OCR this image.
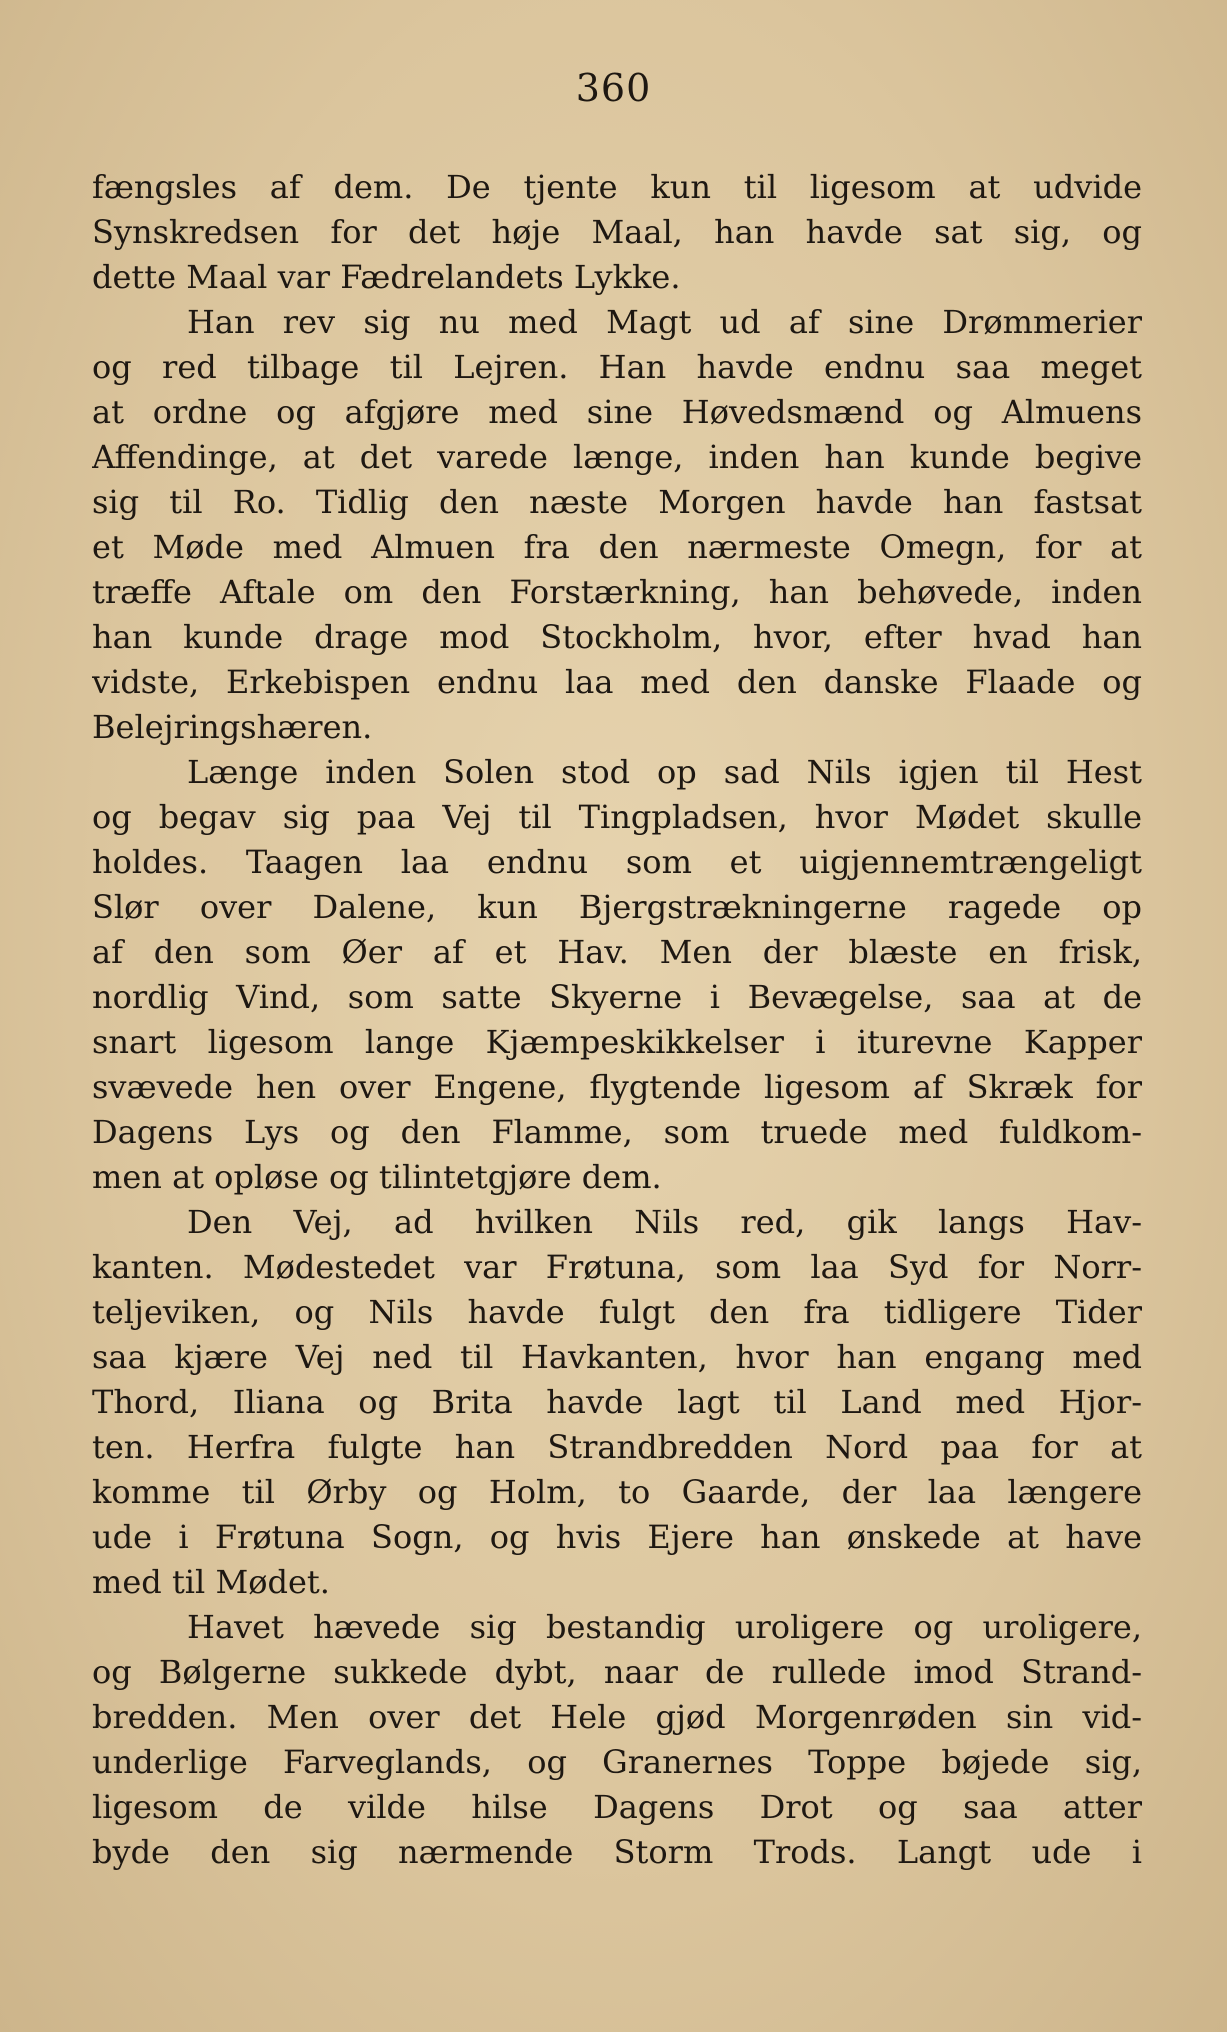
360
fængsles af dem. De tjente kun til ligesom at udvide
Synskredsen for det høje Maal, han havde sat sig, og
dette Maal var Fædrelandets Lykke.
Han rev sig nu med Magt ud af sine Drømmerier
og red tilbage til Lejren. Han havde endnu saa meget
at ordne og afgjøre med sine Høvedsmænd og Almuens
Affendinge, at det varede længe, inden han kunde begive
sig til Ro. Tidlig den næste Morgen havde han fastsat
et Møde med Almuen fra den nærmeste Omegn, for at
træffe Aftale om den Forstærkning, han behøvede, inden
han kunde drage mod Stockholm, hvor, efter hvad han
vidste, Erkebispen endnu laa med den danske Flaade og
Belejringshæren.
Længe inden Solen stod op sad Nils igjen til Hest
og begav sig paa Vej til Tingpladsen, hvor Mødet skulle
holdes. Taagen laa endnu som et uigjennemtrængeligt
Slør over Dalene, kun Bjergstrækningerne ragede op
af den som Øer af et Hav. Men der blæste en frisk,
nordlig Vind, som satte Skyerne i Bevægelse, saa at de
snart ligesom lange Kjæmpeskikkelser i iturevne Kapper
svævede hen over Engene, flygtende ligesom af Skræk for
Dagens Lys og den Flamme, som truede med fuldkom-
men at opløse og tilintetgjøre dem.
Den Vej, ad hvilken Nils red, gik langs Hav-
kanten. Mødestedet var Frøtuna, som laa Syd for Norr-
teljeviken, og Nils havde fulgt den fra tidligere Tider
saa kjære Vej ned til Havkanten, hvor han engang med
Thord, Iliana og Brita havde lagt til Land med Hjor-
ten. Herfra fulgte han Strandbredden Nord paa for at
komme til Ørby og Holm, to Gaarde, der laa længere
ude i Frøtuna Sogn, og hvis Ejere han ønskede at have
med til Mødet.
Havet hævede sig bestandig uroligere og uroligere,
og Bølgerne sukkede dybt, naar de rullede imod Strand-
bredden. Men over det Hele gjød Morgenrøden sin vid-
underlige Farveglands, og Granernes Toppe bøjede sig,
ligesom de vilde hilse Dagens Drot og saa atter
byde den sig nærmende Storm Trods. Langt ude i
